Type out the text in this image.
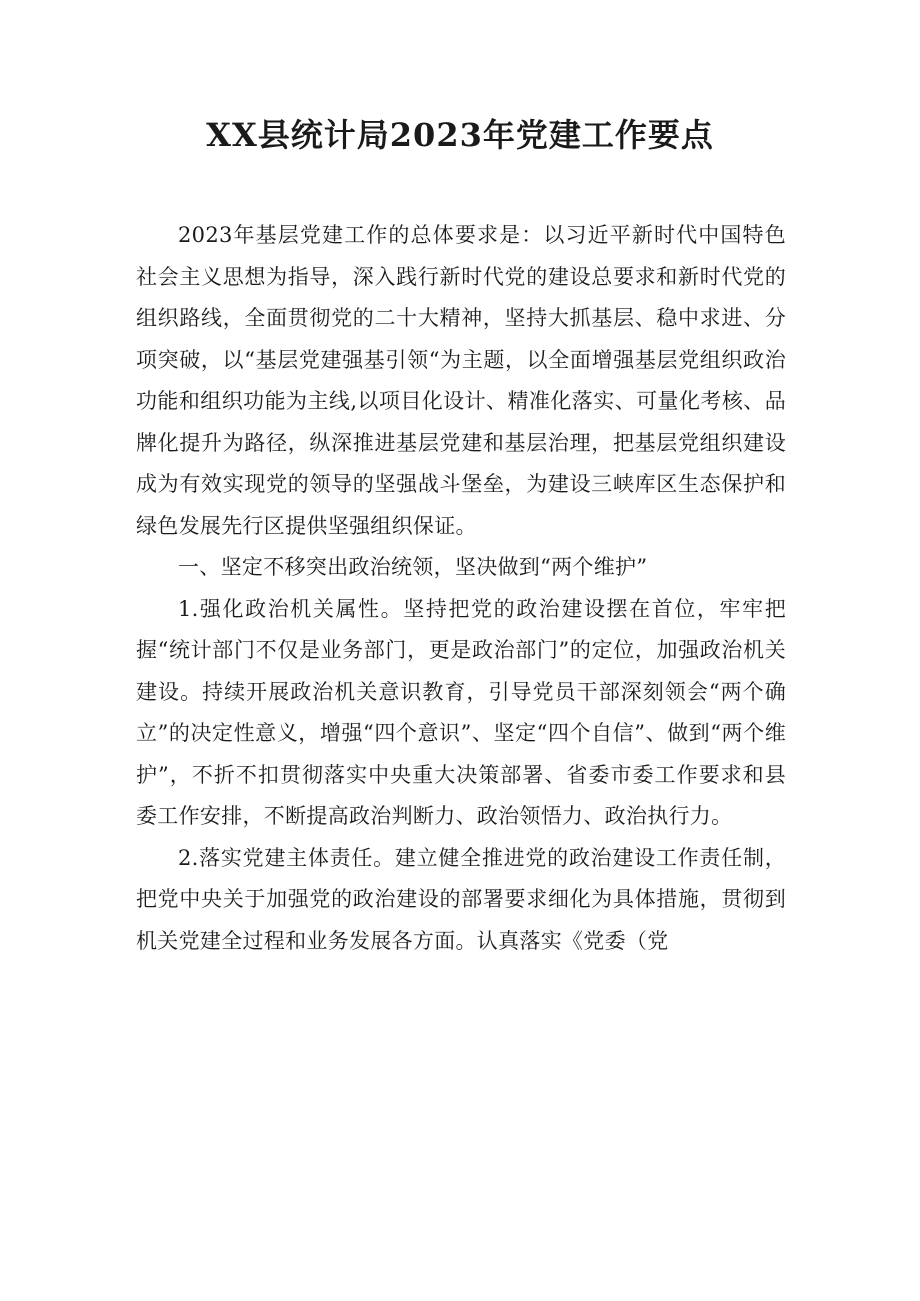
XX县统计局2023年党建工作要点

2023年基层党建工作的总体要求是：以习近平新时代中国特色社会主义思想为指导，深入践行新时代党的建设总要求和新时代党的组织路线，全面贯彻党的二十大精神，坚持大抓基层、稳中求进、分项突破，以“基层党建强基引领“为主题，以全面增强基层党组织政治功能和组织功能为主线,以项目化设计、精准化落实、可量化考核、品牌化提升为路径，纵深推进基层党建和基层治理，把基层党组织建设成为有效实现党的领导的坚强战斗堡垒，为建设三峡库区生态保护和绿色发展先行区提供坚强组织保证。

一、坚定不移突出政治统领，坚决做到“两个维护”

1.强化政治机关属性。坚持把党的政治建设摆在首位，牢牢把握“统计部门不仅是业务部门，更是政治部门”的定位，加强政治机关建设。持续开展政治机关意识教育，引导党员干部深刻领会“两个确立”的决定性意义，增强“四个意识”、坚定“四个自信”、做到“两个维护”，不折不扣贯彻落实中央重大决策部署、省委市委工作要求和县委工作安排，不断提高政治判断力、政治领悟力、政治执行力。

2.落实党建主体责任。建立健全推进党的政治建设工作责任制，把党中央关于加强党的政治建设的部署要求细化为具体措施，贯彻到机关党建全过程和业务发展各方面。认真落实《党委（党
